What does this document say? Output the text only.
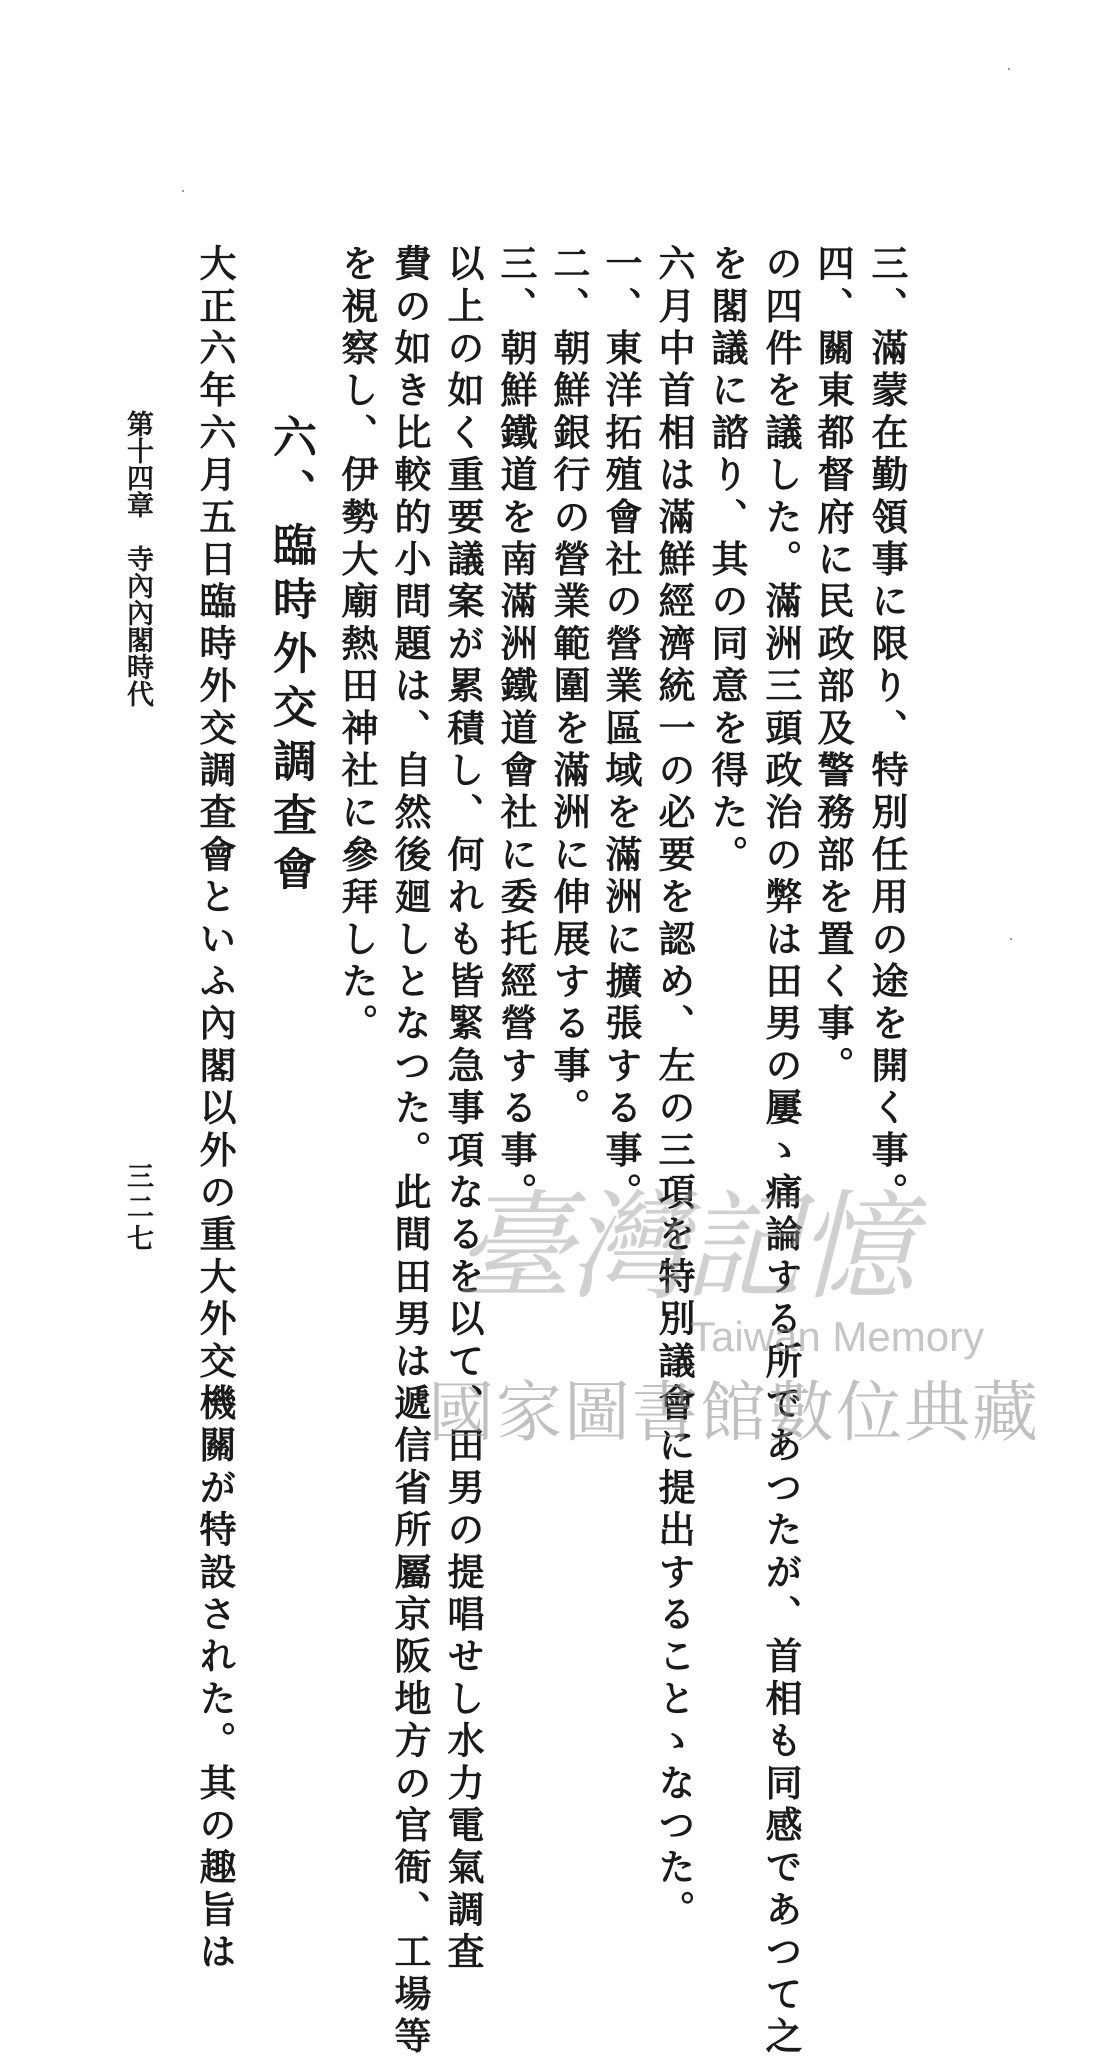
三、滿蒙在勤領事に限り、特別任用の途を開く事。
四、關東都督府に民政部及警務部を置く事。
の四件を議した。滿洲三頭政治の弊は田男の屢ゝ痛論する所であつたが、首相も同感であつて之
を閣議に諮り、其の同意を得た。
六月中首相は滿鮮經濟統一の必要を認め、左の三項を特別議會に提出することゝなつた。
一、東洋拓殖會社の營業區域を滿洲に擴張する事。
二、朝鮮銀行の營業範圍を滿洲に伸展する事。
三、朝鮮鐵道を南滿洲鐵道會社に委托經營する事。
以上の如く重要議案が累積し、何れも皆緊急事項なるを以て、田男の提唱せし水力電氣調査
費の如き比較的小問題は、自然後廻しとなつた。此間田男は遞信省所屬京阪地方の官衙、工場等
を視察し、伊勢大廟熱田神社に參拜した。
六、臨時外交調查會
大正六年六月五日臨時外交調查會といふ內閣以外の重大外交機關が特設された。其の趣旨は
第十四章　寺內內閣時代
三二七	臺灣記憶
Taiwan Memory
國家圖書館數位典藏
